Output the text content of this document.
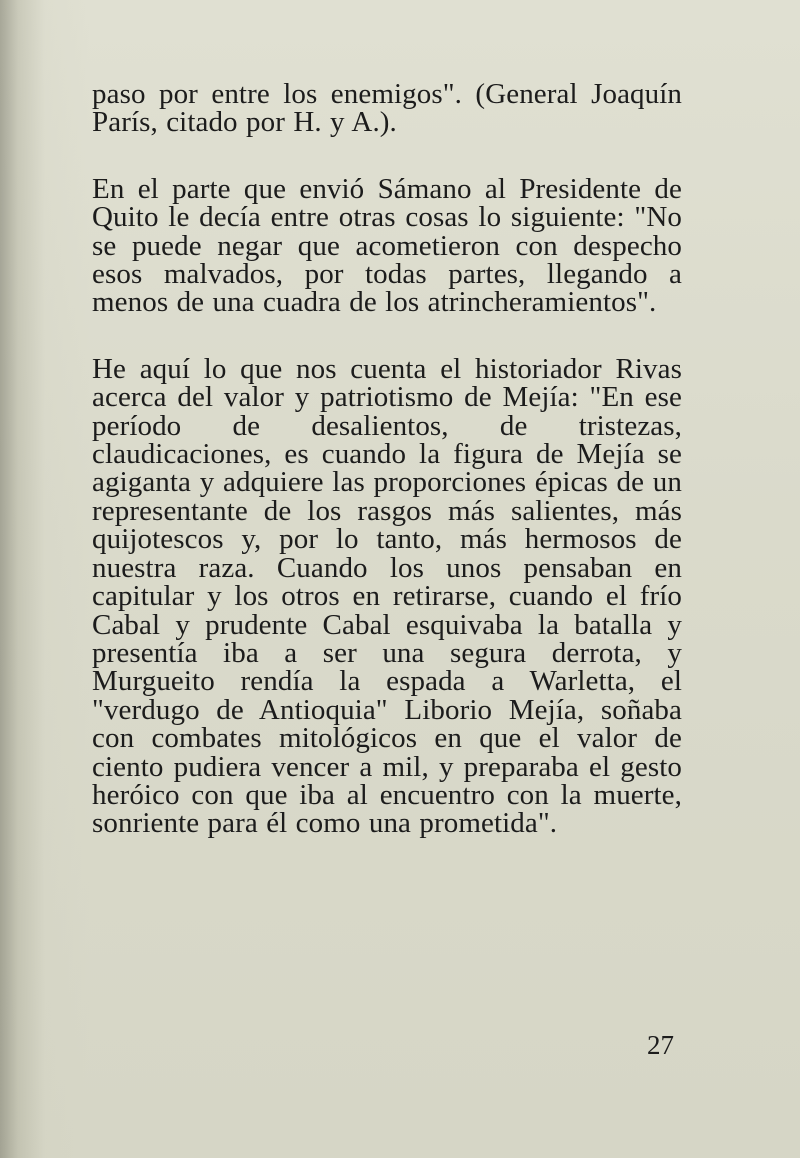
paso por entre los enemigos". (General Joaquín París, citado por H. y A.).

En el parte que envió Sámano al Presidente de Quito le decía entre otras cosas lo siguiente: "No se puede negar que acometieron con despecho esos malvados, por todas partes, llegando a menos de una cuadra de los atrincheramientos".

He aquí lo que nos cuenta el historiador Rivas acerca del valor y patriotismo de Mejía: "En ese período de desalientos, de tristezas, claudicaciones, es cuando la figura de Mejía se agiganta y adquiere las proporciones épicas de un representante de los rasgos más salientes, más quijotescos y, por lo tanto, más hermosos de nuestra raza. Cuando los unos pensaban en capitular y los otros en retirarse, cuando el frío Cabal y prudente Cabal esquivaba la batalla y presentía iba a ser una segura derrota, y Murgueito rendía la espada a Warletta, el "verdugo de Antioquia" Liborio Mejía, soñaba con combates mitológicos en que el valor de ciento pudiera vencer a mil, y preparaba el gesto heróico con que iba al encuentro con la muerte, sonriente para él como una prometida".

27
